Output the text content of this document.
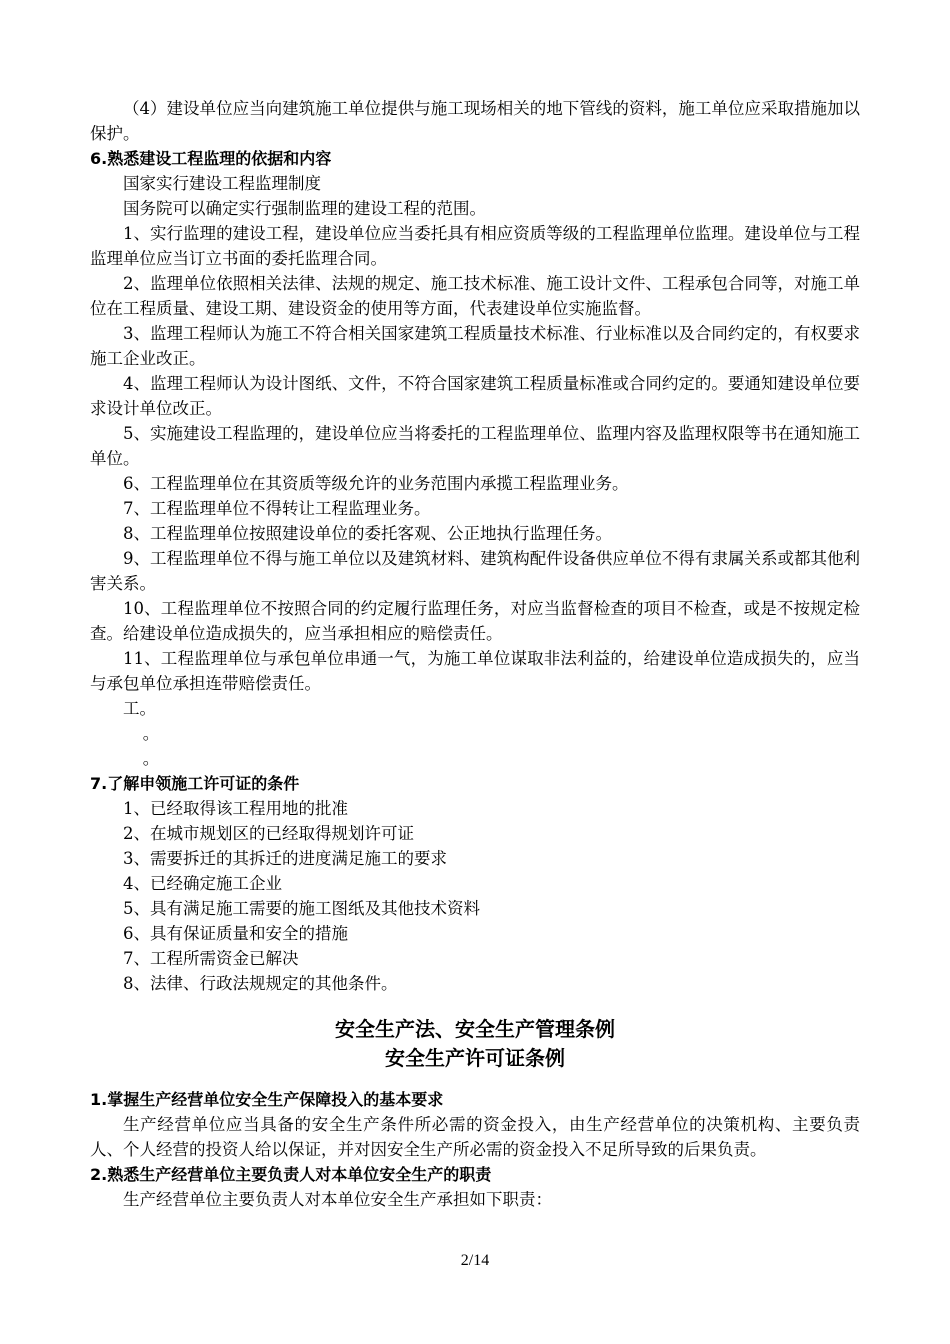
（4）建设单位应当向建筑施工单位提供与施工现场相关的地下管线的资料，施工单位应采取措施加以保护。

6.熟悉建设工程监理的依据和内容

国家实行建设工程监理制度

国务院可以确定实行强制监理的建设工程的范围。

1、实行监理的建设工程，建设单位应当委托具有相应资质等级的工程监理单位监理。建设单位与工程监理单位应当订立书面的委托监理合同。

2、监理单位依照相关法律、法规的规定、施工技术标准、施工设计文件、工程承包合同等，对施工单位在工程质量、建设工期、建设资金的使用等方面，代表建设单位实施监督。

3、监理工程师认为施工不符合相关国家建筑工程质量技术标准、行业标准以及合同约定的，有权要求施工企业改正。

4、监理工程师认为设计图纸、文件，不符合国家建筑工程质量标准或合同约定的。要通知建设单位要求设计单位改正。

5、实施建设工程监理的，建设单位应当将委托的工程监理单位、监理内容及监理权限等书在通知施工单位。

6、工程监理单位在其资质等级允许的业务范围内承揽工程监理业务。

7、工程监理单位不得转让工程监理业务。

8、工程监理单位按照建设单位的委托客观、公正地执行监理任务。

9、工程监理单位不得与施工单位以及建筑材料、建筑构配件设备供应单位不得有隶属关系或都其他利害关系。

10、工程监理单位不按照合同的约定履行监理任务，对应当监督检查的项目不检查，或是不按规定检查。给建设单位造成损失的，应当承担相应的赔偿责任。

11、工程监理单位与承包单位串通一气，为施工单位谋取非法利益的，给建设单位造成损失的，应当与承包单位承担连带赔偿责任。

工。

。

。

7.了解申领施工许可证的条件

1、已经取得该工程用地的批准

2、在城市规划区的已经取得规划许可证

3、需要拆迁的其拆迁的进度满足施工的要求

4、已经确定施工企业

5、具有满足施工需要的施工图纸及其他技术资料

6、具有保证质量和安全的措施

7、工程所需资金已解决

8、法律、行政法规规定的其他条件。

安全生产法、安全生产管理条例

安全生产许可证条例

1.掌握生产经营单位安全生产保障投入的基本要求

生产经营单位应当具备的安全生产条件所必需的资金投入，由生产经营单位的决策机构、主要负责人、个人经营的投资人给以保证，并对因安全生产所必需的资金投入不足所导致的后果负责。

2.熟悉生产经营单位主要负责人对本单位安全生产的职责

生产经营单位主要负责人对本单位安全生产承担如下职责：

2/14
